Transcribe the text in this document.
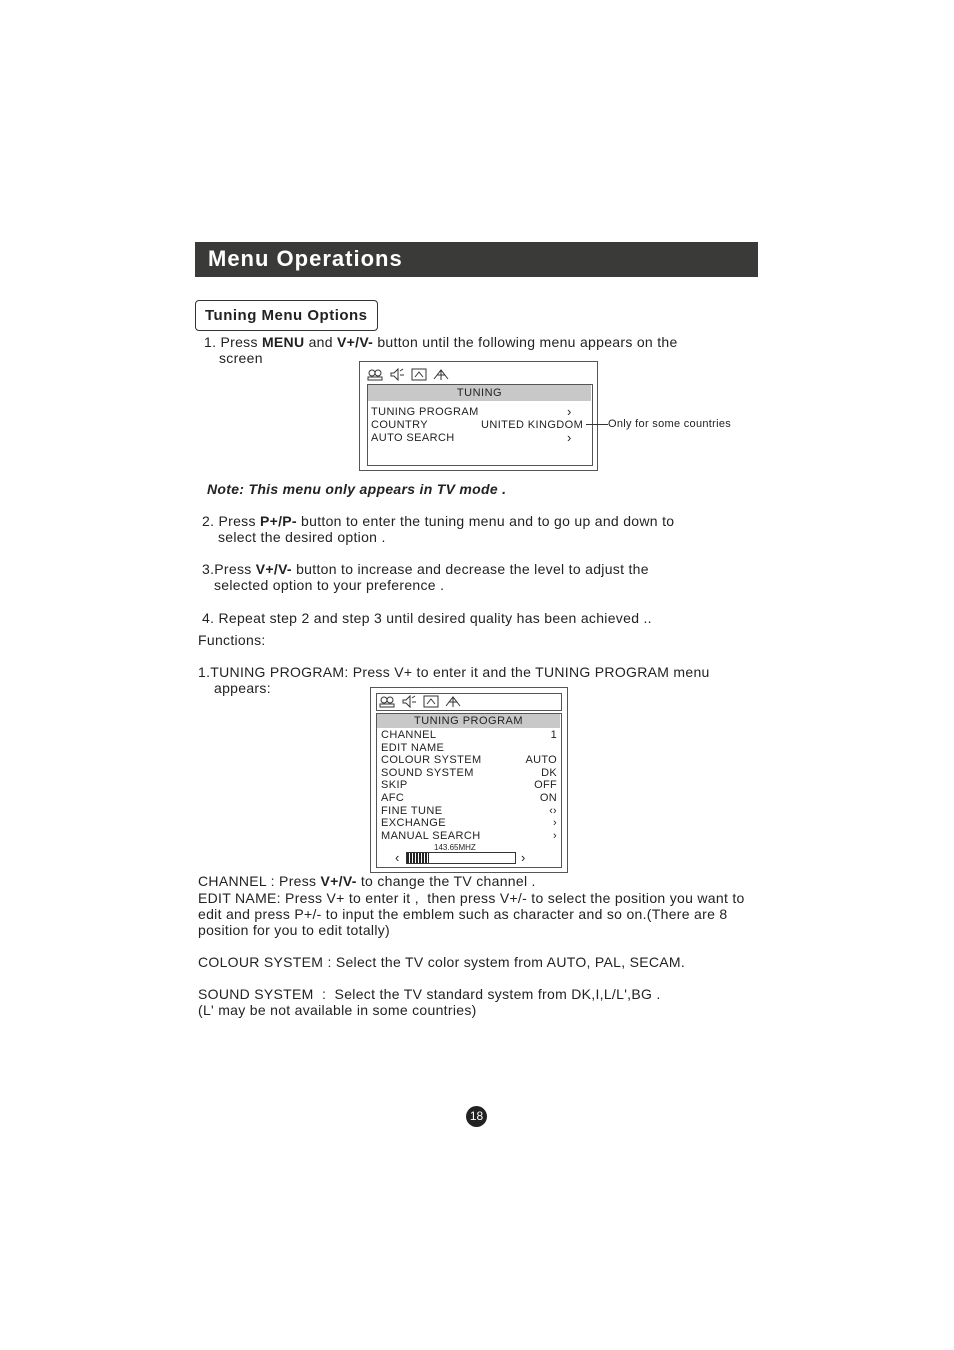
Menu Operations
Tuning Menu Options
1. Press MENU and V+/V- button until the following menu appears on the
screen
TUNING
TUNING PROGRAM	›
COUNTRY	UNITED KINGDOM
AUTO SEARCH	›
Only for some countries
Note: This menu only appears in TV mode .
2. Press P+/P- button to enter the tuning menu and to go up and down to
select the desired option .
3.Press V+/V- button to increase and decrease the level to adjust the
selected option to your preference .
4. Repeat step 2 and step 3 until desired quality has been achieved ..
Functions:
1.TUNING PROGRAM: Press V+ to enter it and the TUNING PROGRAM menu
appears:
TUNING PROGRAM
CHANNEL	1
EDIT NAME
COLOUR SYSTEM	AUTO
SOUND SYSTEM	DK
SKIP	OFF
AFC	ON
FINE TUNE	‹›
EXCHANGE	›
MANUAL SEARCH	›
143.65MHZ
‹	›
CHANNEL : Press V+/V- to change the TV channel .
EDIT NAME: Press V+ to enter it ,  then press V+/- to select the position you want to
edit and press P+/- to input the emblem such as character and so on.(There are 8
position for you to edit totally)
COLOUR SYSTEM : Select the TV color system from AUTO, PAL, SECAM.
SOUND SYSTEM  :  Select the TV standard system from DK,I,L/L',BG .
(L' may be not available in some countries)
18
